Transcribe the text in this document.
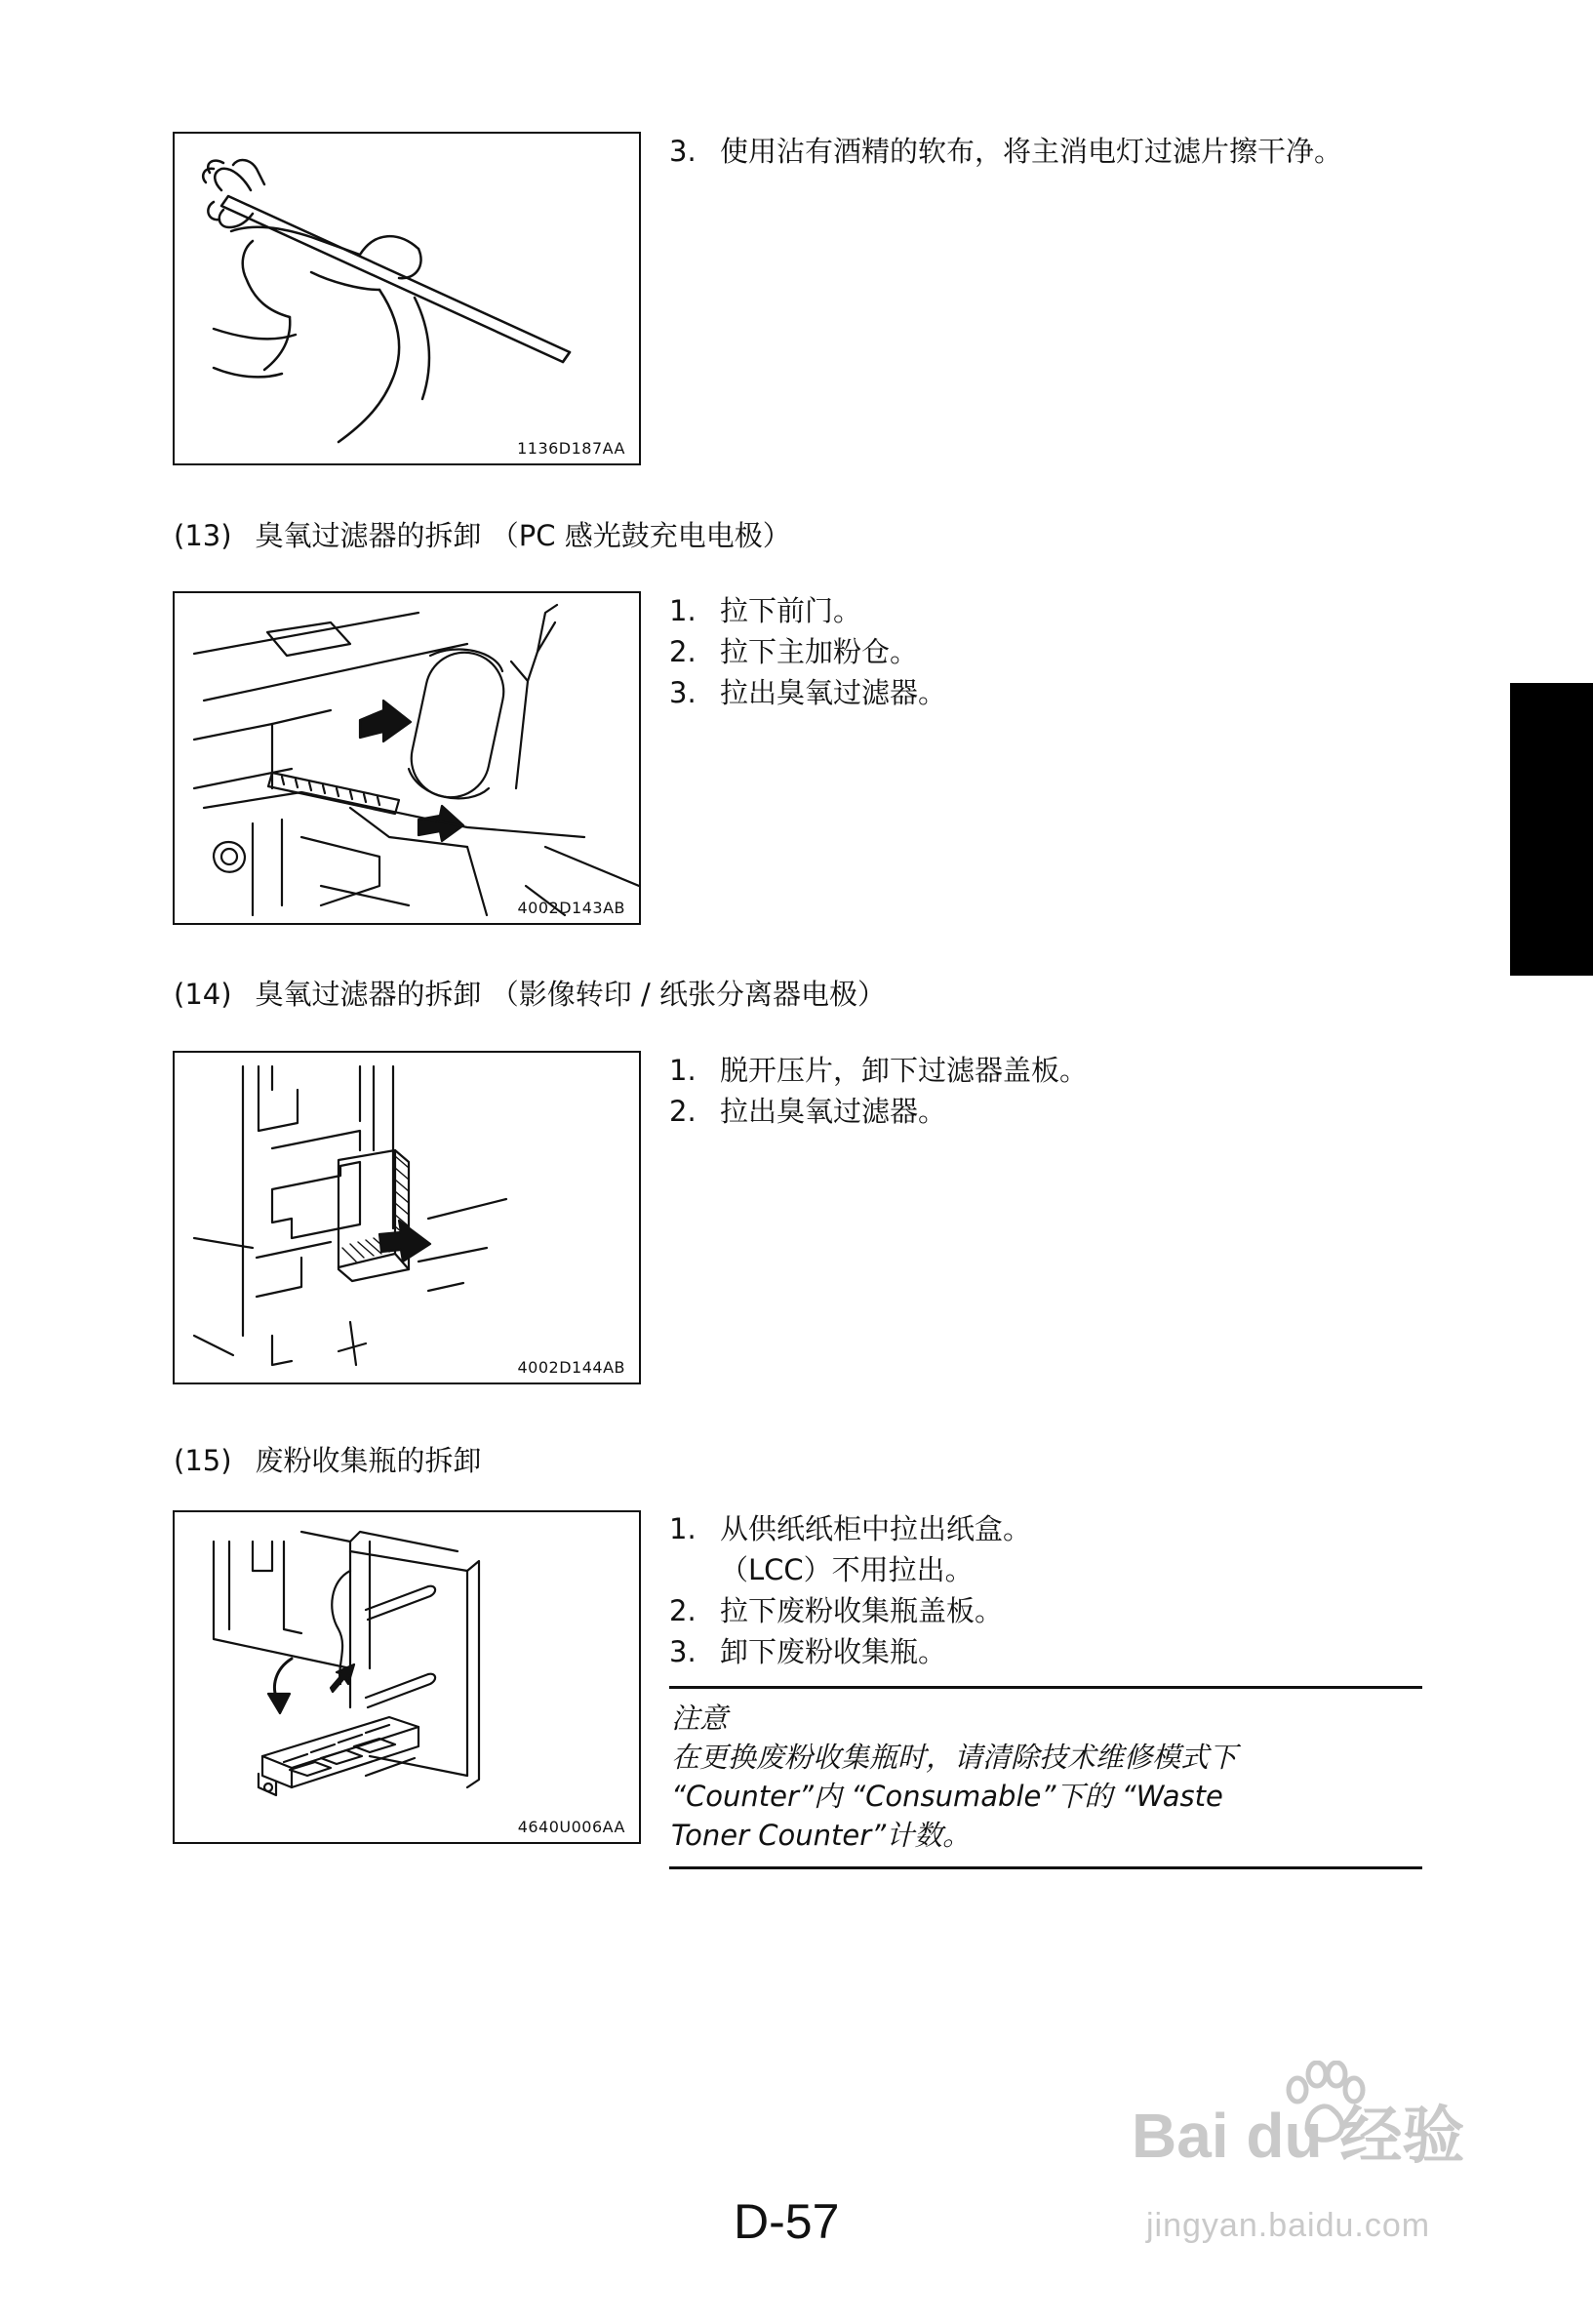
1136D187AA
3. 使用沾有酒精的软布，将主消电灯过滤片擦干净。
(13) 臭氧过滤器的拆卸 （PC 感光鼓充电电极）
4002D143AB
1. 拉下前门。
2. 拉下主加粉仓。
3. 拉出臭氧过滤器。
(14) 臭氧过滤器的拆卸 （影像转印 / 纸张分离器电极）
4002D144AB
1. 脱开压片，卸下过滤器盖板。
2. 拉出臭氧过滤器。
(15) 废粉收集瓶的拆卸
4640U006AA
1. 从供纸纸柜中拉出纸盒。
（LCC）不用拉出。
2. 拉下废粉收集瓶盖板。
3. 卸下废粉收集瓶。
注意
在更换废粉收集瓶时，请清除技术维修模式下
“Counter”内 “Consumable”下的 “Waste
Toner Counter”计数。
D-57
Bai du 经验
jingyan.baidu.com
